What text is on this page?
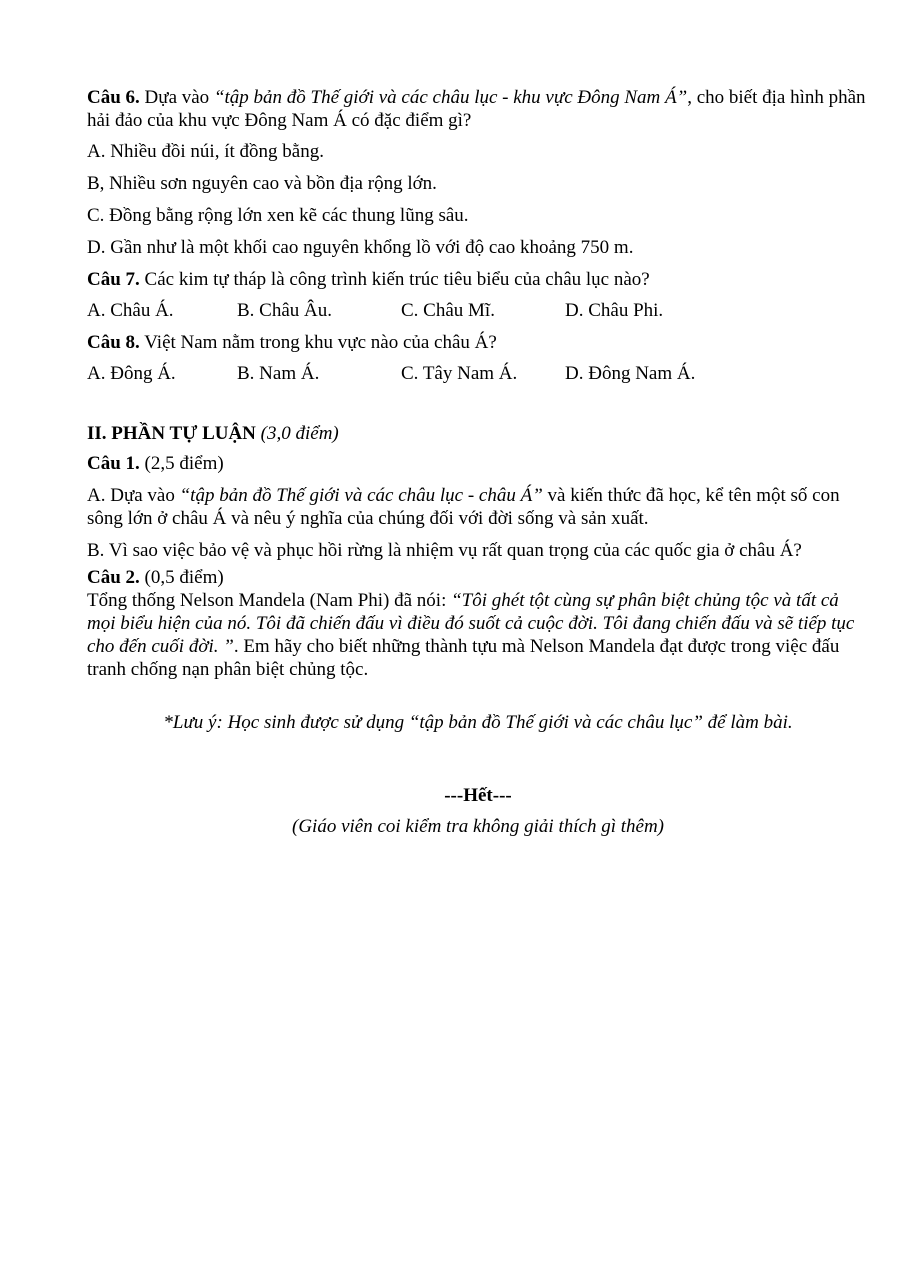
Câu 6. Dựa vào “tập bản đồ Thế giới và các châu lục - khu vực Đông Nam Á”, cho biết địa hình phần hải đảo của khu vực Đông Nam Á có đặc điểm gì?

A. Nhiều đồi núi, ít đồng bằng.

B, Nhiều sơn nguyên cao và bồn địa rộng lớn.

C. Đồng bằng rộng lớn xen kẽ các thung lũng sâu.

D. Gần như là một khối cao nguyên khổng lồ với độ cao khoảng 750 m.

Câu 7. Các kim tự tháp là công trình kiến trúc tiêu biểu của châu lục nào?

A. Châu Á.	B. Châu Âu.	C. Châu Mĩ.	D. Châu Phi.

Câu 8. Việt Nam nằm trong khu vực nào của châu Á?

A. Đông Á.	B. Nam Á.	C. Tây Nam Á.	D. Đông Nam Á.

II. PHẦN TỰ LUẬN (3,0 điểm)

Câu 1. (2,5 điểm)

A. Dựa vào “tập bản đồ Thế giới và các châu lục - châu Á” và kiến thức đã học, kể tên một số con sông lớn ở châu Á và nêu ý nghĩa của chúng đối với đời sống và sản xuất.

B. Vì sao việc bảo vệ và phục hồi rừng là nhiệm vụ rất quan trọng của các quốc gia ở châu Á?

Câu 2. (0,5 điểm)

Tổng thống Nelson Mandela (Nam Phi) đã nói: “Tôi ghét tột cùng sự phân biệt chủng tộc và tất cả mọi biểu hiện của nó. Tôi đã chiến đấu vì điều đó suốt cả cuộc đời. Tôi đang chiến đấu và sẽ tiếp tục cho đến cuối đời. ”. Em hãy cho biết những thành tựu mà Nelson Mandela đạt được trong việc đấu tranh chống nạn phân biệt chủng tộc.

*Lưu ý: Học sinh được sử dụng “tập bản đồ Thế giới và các châu lục” để làm bài.

---Hết---

(Giáo viên coi kiểm tra không giải thích gì thêm)
